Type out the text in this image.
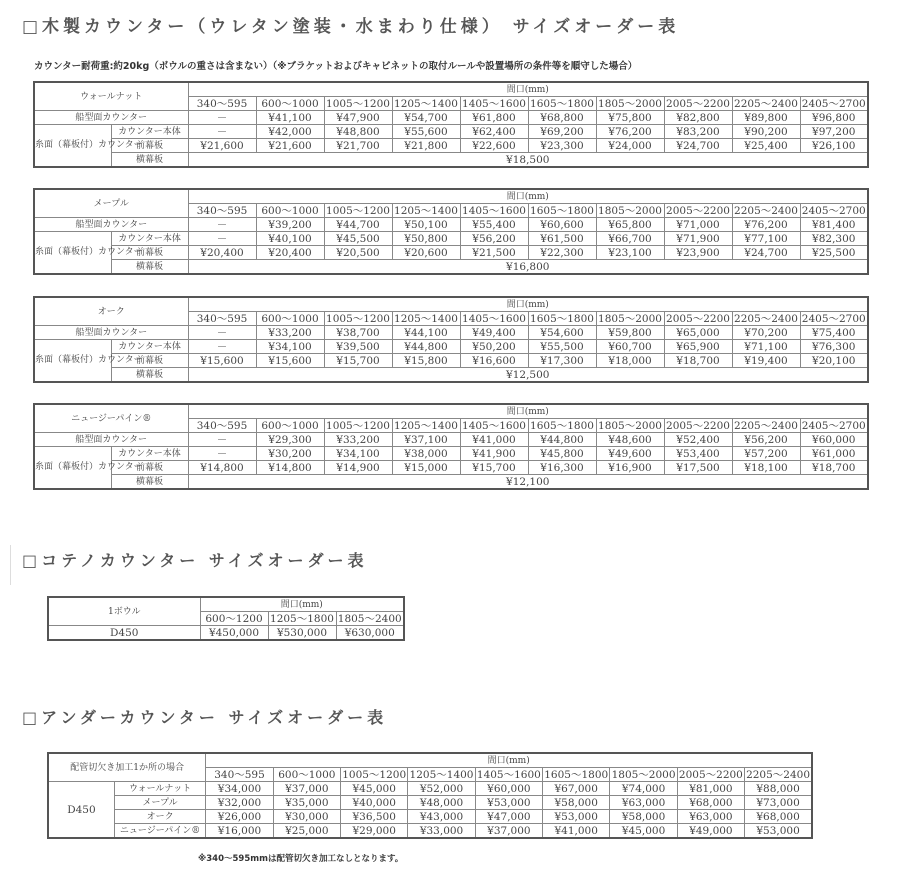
□木製カウンター（ウレタン塗装・水まわり仕様） サイズオーダー表
カウンター耐荷重:約20kg（ボウルの重さは含まない）（※ブラケットおよびキャビネットの取付ルールや設置場所の条件等を順守した場合）
ウォールナット		間口(mm)									
		340～595	600～1000	1005～1200	1205～1400	1405～1600	1605～1800	1805～2000	2005～2200	2205～2400	2405～2700
船型面カウンター		－	¥41,100	¥47,900	¥54,700	¥61,800	¥68,800	¥75,800	¥82,800	¥89,800	¥96,800
糸面（幕板付）カウンター	カウンター本体	－	¥42,000	¥48,800	¥55,600	¥62,400	¥69,200	¥76,200	¥83,200	¥90,200	¥97,200
	前幕板	¥21,600	¥21,600	¥21,700	¥21,800	¥22,600	¥23,300	¥24,000	¥24,700	¥25,400	¥26,100
	横幕板	¥18,500									
メープル		間口(mm)									
		340～595	600～1000	1005～1200	1205～1400	1405～1600	1605～1800	1805～2000	2005～2200	2205～2400	2405～2700
船型面カウンター		－	¥39,200	¥44,700	¥50,100	¥55,400	¥60,600	¥65,800	¥71,000	¥76,200	¥81,400
糸面（幕板付）カウンター	カウンター本体	－	¥40,100	¥45,500	¥50,800	¥56,200	¥61,500	¥66,700	¥71,900	¥77,100	¥82,300
	前幕板	¥20,400	¥20,400	¥20,500	¥20,600	¥21,500	¥22,300	¥23,100	¥23,900	¥24,700	¥25,500
	横幕板	¥16,800									
オーク		間口(mm)									
		340～595	600～1000	1005～1200	1205～1400	1405～1600	1605～1800	1805～2000	2005～2200	2205～2400	2405～2700
船型面カウンター		－	¥33,200	¥38,700	¥44,100	¥49,400	¥54,600	¥59,800	¥65,000	¥70,200	¥75,400
糸面（幕板付）カウンター	カウンター本体	－	¥34,100	¥39,500	¥44,800	¥50,200	¥55,500	¥60,700	¥65,900	¥71,100	¥76,300
	前幕板	¥15,600	¥15,600	¥15,700	¥15,800	¥16,600	¥17,300	¥18,000	¥18,700	¥19,400	¥20,100
	横幕板	¥12,500									
ニュージーパイン®		間口(mm)									
		340～595	600～1000	1005～1200	1205～1400	1405～1600	1605～1800	1805～2000	2005～2200	2205～2400	2405～2700
船型面カウンター		－	¥29,300	¥33,200	¥37,100	¥41,000	¥44,800	¥48,600	¥52,400	¥56,200	¥60,000
糸面（幕板付）カウンター	カウンター本体	－	¥30,200	¥34,100	¥38,000	¥41,900	¥45,800	¥49,600	¥53,400	¥57,200	¥61,000
	前幕板	¥14,800	¥14,800	¥14,900	¥15,000	¥15,700	¥16,300	¥16,900	¥17,500	¥18,100	¥18,700
	横幕板	¥12,100									
□コテノカウンター サイズオーダー表
1ボウル	間口(mm)		
	600～1200	1205～1800	1805～2400
D450	¥450,000	¥530,000	¥630,000
□アンダーカウンター サイズオーダー表
配管切欠き加工1か所の場合		間口(mm)								
		340～595	600～1000	1005～1200	1205～1400	1405～1600	1605～1800	1805～2000	2005～2200	2205～2400
D450	ウォールナット	¥34,000	¥37,000	¥45,000	¥52,000	¥60,000	¥67,000	¥74,000	¥81,000	¥88,000
	メープル	¥32,000	¥35,000	¥40,000	¥48,000	¥53,000	¥58,000	¥63,000	¥68,000	¥73,000
	オーク	¥26,000	¥30,000	¥36,500	¥43,000	¥47,000	¥53,000	¥58,000	¥63,000	¥68,000
	ニュージーパイン®	¥16,000	¥25,000	¥29,000	¥33,000	¥37,000	¥41,000	¥45,000	¥49,000	¥53,000
※340～595mmは配管切欠き加工なしとなります。
